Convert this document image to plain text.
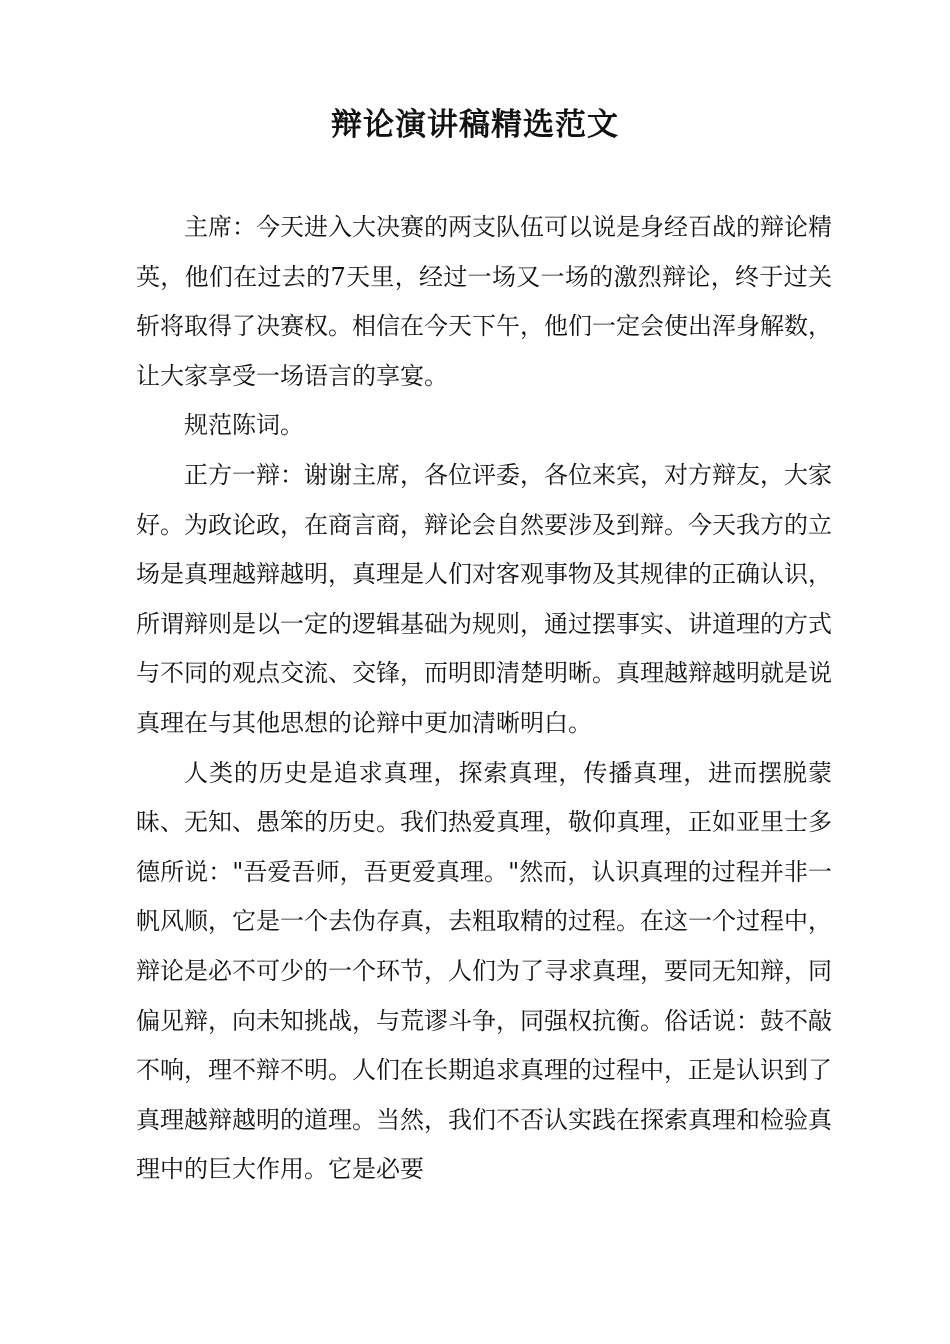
辩论演讲稿精选范文

主席：今天进入大决赛的两支队伍可以说是身经百战的辩论精英，他们在过去的7天里，经过一场又一场的激烈辩论，终于过关斩将取得了决赛权。相信在今天下午，他们一定会使出浑身解数，让大家享受一场语言的享宴。

规范陈词。

正方一辩：谢谢主席，各位评委，各位来宾，对方辩友，大家好。为政论政，在商言商，辩论会自然要涉及到辩。今天我方的立场是真理越辩越明，真理是人们对客观事物及其规律的正确认识，所谓辩则是以一定的逻辑基础为规则，通过摆事实、讲道理的方式与不同的观点交流、交锋，而明即清楚明晰。真理越辩越明就是说真理在与其他思想的论辩中更加清晰明白。

人类的历史是追求真理，探索真理，传播真理，进而摆脱蒙昧、无知、愚笨的历史。我们热爱真理，敬仰真理，正如亚里士多德所说："吾爱吾师，吾更爱真理。"然而，认识真理的过程并非一帆风顺，它是一个去伪存真，去粗取精的过程。在这一个过程中，辩论是必不可少的一个环节，人们为了寻求真理，要同无知辩，同偏见辩，向未知挑战，与荒谬斗争，同强权抗衡。俗话说：鼓不敲不响，理不辩不明。人们在长期追求真理的过程中，正是认识到了真理越辩越明的道理。当然，我们不否认实践在探索真理和检验真理中的巨大作用。它是必要
